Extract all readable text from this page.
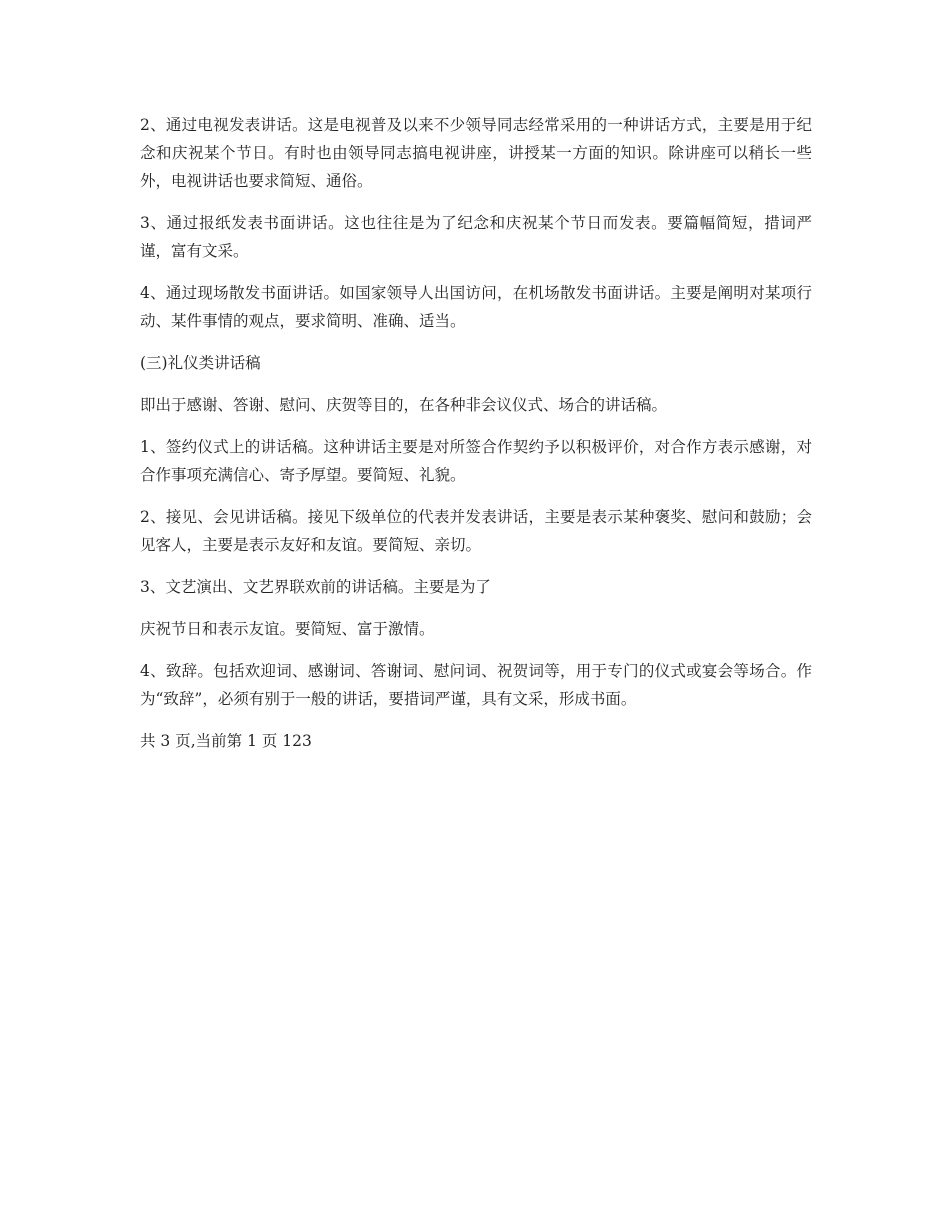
2、通过电视发表讲话。这是电视普及以来不少领导同志经常采用的一种讲话方式，主要是用于纪念和庆祝某个节日。有时也由领导同志搞电视讲座，讲授某一方面的知识。除讲座可以稍长一些外，电视讲话也要求简短、通俗。

3、通过报纸发表书面讲话。这也往往是为了纪念和庆祝某个节日而发表。要篇幅简短，措词严谨，富有文采。

4、通过现场散发书面讲话。如国家领导人出国访问，在机场散发书面讲话。主要是阐明对某项行动、某件事情的观点，要求简明、准确、适当。

(三)礼仪类讲话稿

即出于感谢、答谢、慰问、庆贺等目的，在各种非会议仪式、场合的讲话稿。

1、签约仪式上的讲话稿。这种讲话主要是对所签合作契约予以积极评价，对合作方表示感谢，对合作事项充满信心、寄予厚望。要简短、礼貌。

2、接见、会见讲话稿。接见下级单位的代表并发表讲话，主要是表示某种褒奖、慰问和鼓励；会见客人，主要是表示友好和友谊。要简短、亲切。

3、文艺演出、文艺界联欢前的讲话稿。主要是为了

庆祝节日和表示友谊。要简短、富于激情。

4、致辞。包括欢迎词、感谢词、答谢词、慰问词、祝贺词等，用于专门的仪式或宴会等场合。作为“致辞”，必须有别于一般的讲话，要措词严谨，具有文采，形成书面。

共 3 页,当前第 1 页 123
